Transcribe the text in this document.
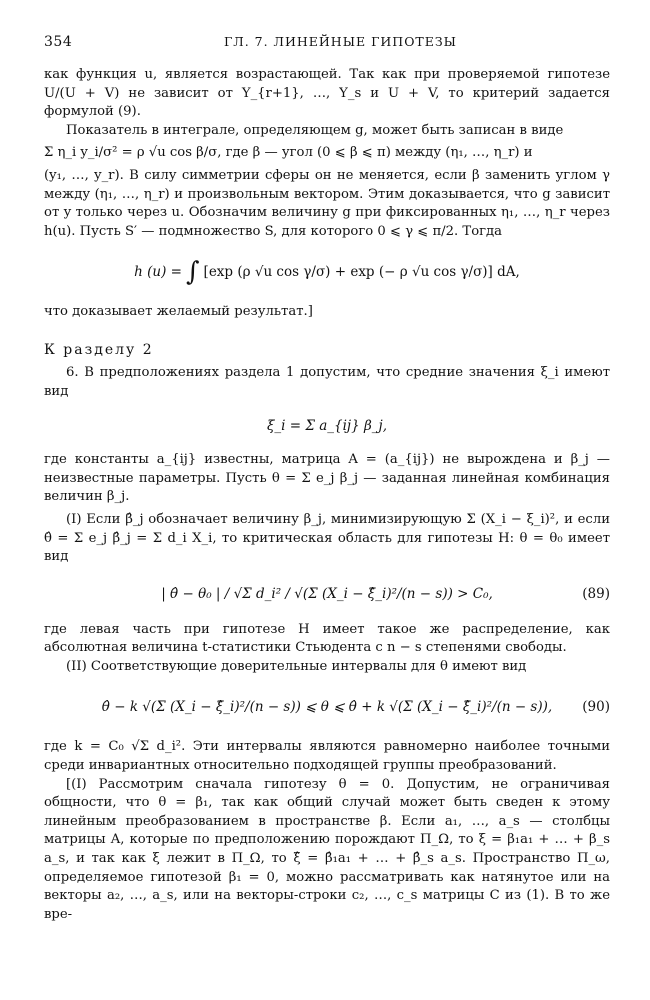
354	ГЛ. 7. ЛИНЕЙНЫЕ ГИПОТЕЗЫ

как функция u, является возрастающей. Так как при проверяемой гипотезе U/(U + V) не зависит от Y_{r+1}, …, Y_s и U + V, то критерий задается формулой (9).

Показатель в интеграле, определяющем g, может быть записан в виде

Σ η_i y_i/σ² = ρ √u cos β/σ, где β — угол (0 ⩽ β ⩽ π) между (η₁, …, η_r) и

(y₁, …, y_r). В силу симметрии сферы он не меняется, если β заменить углом γ между (η₁, …, η_r) и произвольным вектором. Этим доказывается, что g зависит от y только через u. Обозначим величину g при фиксированных η₁, …, η_r через h(u). Пусть S′ — подмножество S, для которого 0 ⩽ γ ⩽ π/2. Тогда

h (u) = ∫ [exp (ρ √u cos γ/σ) + exp (− ρ √u cos γ/σ)] dA,

что доказывает желаемый результат.]

К разделу 2

6. В предположениях раздела 1 допустим, что средние значения ξ_i имеют вид

ξ_i = Σ a_{ij} β_j,

где константы a_{ij} известны, матрица A = (a_{ij}) не вырождена и β_j — неизвестные параметры. Пусть θ = Σ e_j β_j — заданная линейная комбинация величин β_j.

(I) Если β̂_j обозначает величину β_j, минимизирующую Σ (X_i − ξ_i)², и если θ̂ = Σ e_j β̂_j = Σ d_i X_i, то критическая область для гипотезы H: θ = θ₀ имеет вид

| θ̂ − θ₀ | / √Σ d_i² / √(Σ (X_i − ξ̂_i)²/(n − s)) > C₀,	(89)

где левая часть при гипотезе H имеет такое же распределение, как абсолютная величина t-статистики Стьюдента с n − s степенями свободы.

(II) Соответствующие доверительные интервалы для θ имеют вид

θ̂ − k √(Σ (X_i − ξ̂_i)²/(n − s)) ⩽ θ ⩽ θ̂ + k √(Σ (X_i − ξ̂_i)²/(n − s)), (90)

где k = C₀ √Σ d_i². Эти интервалы являются равномерно наиболее точными среди инвариантных относительно подходящей группы преобразований.

[(I) Рассмотрим сначала гипотезу θ = 0. Допустим, не ограничивая общности, что θ = β₁, так как общий случай может быть сведен к этому линейным преобразованием в пространстве β. Если a₁, …, a_s — столбцы матрицы A, которые по предположению порождают Π_Ω, то ξ = β₁a₁ + … + β_s a_s, и так как ξ лежит в Π_Ω, то ξ̂ = β̂₁a₁ + … + β̂_s a_s. Пространство Π_ω, определяемое гипотезой β₁ = 0, можно рассматривать как натянутое или на векторы a₂, …, a_s, или на векторы-строки c₂, …, c_s матрицы C из (1). В то же вре-
